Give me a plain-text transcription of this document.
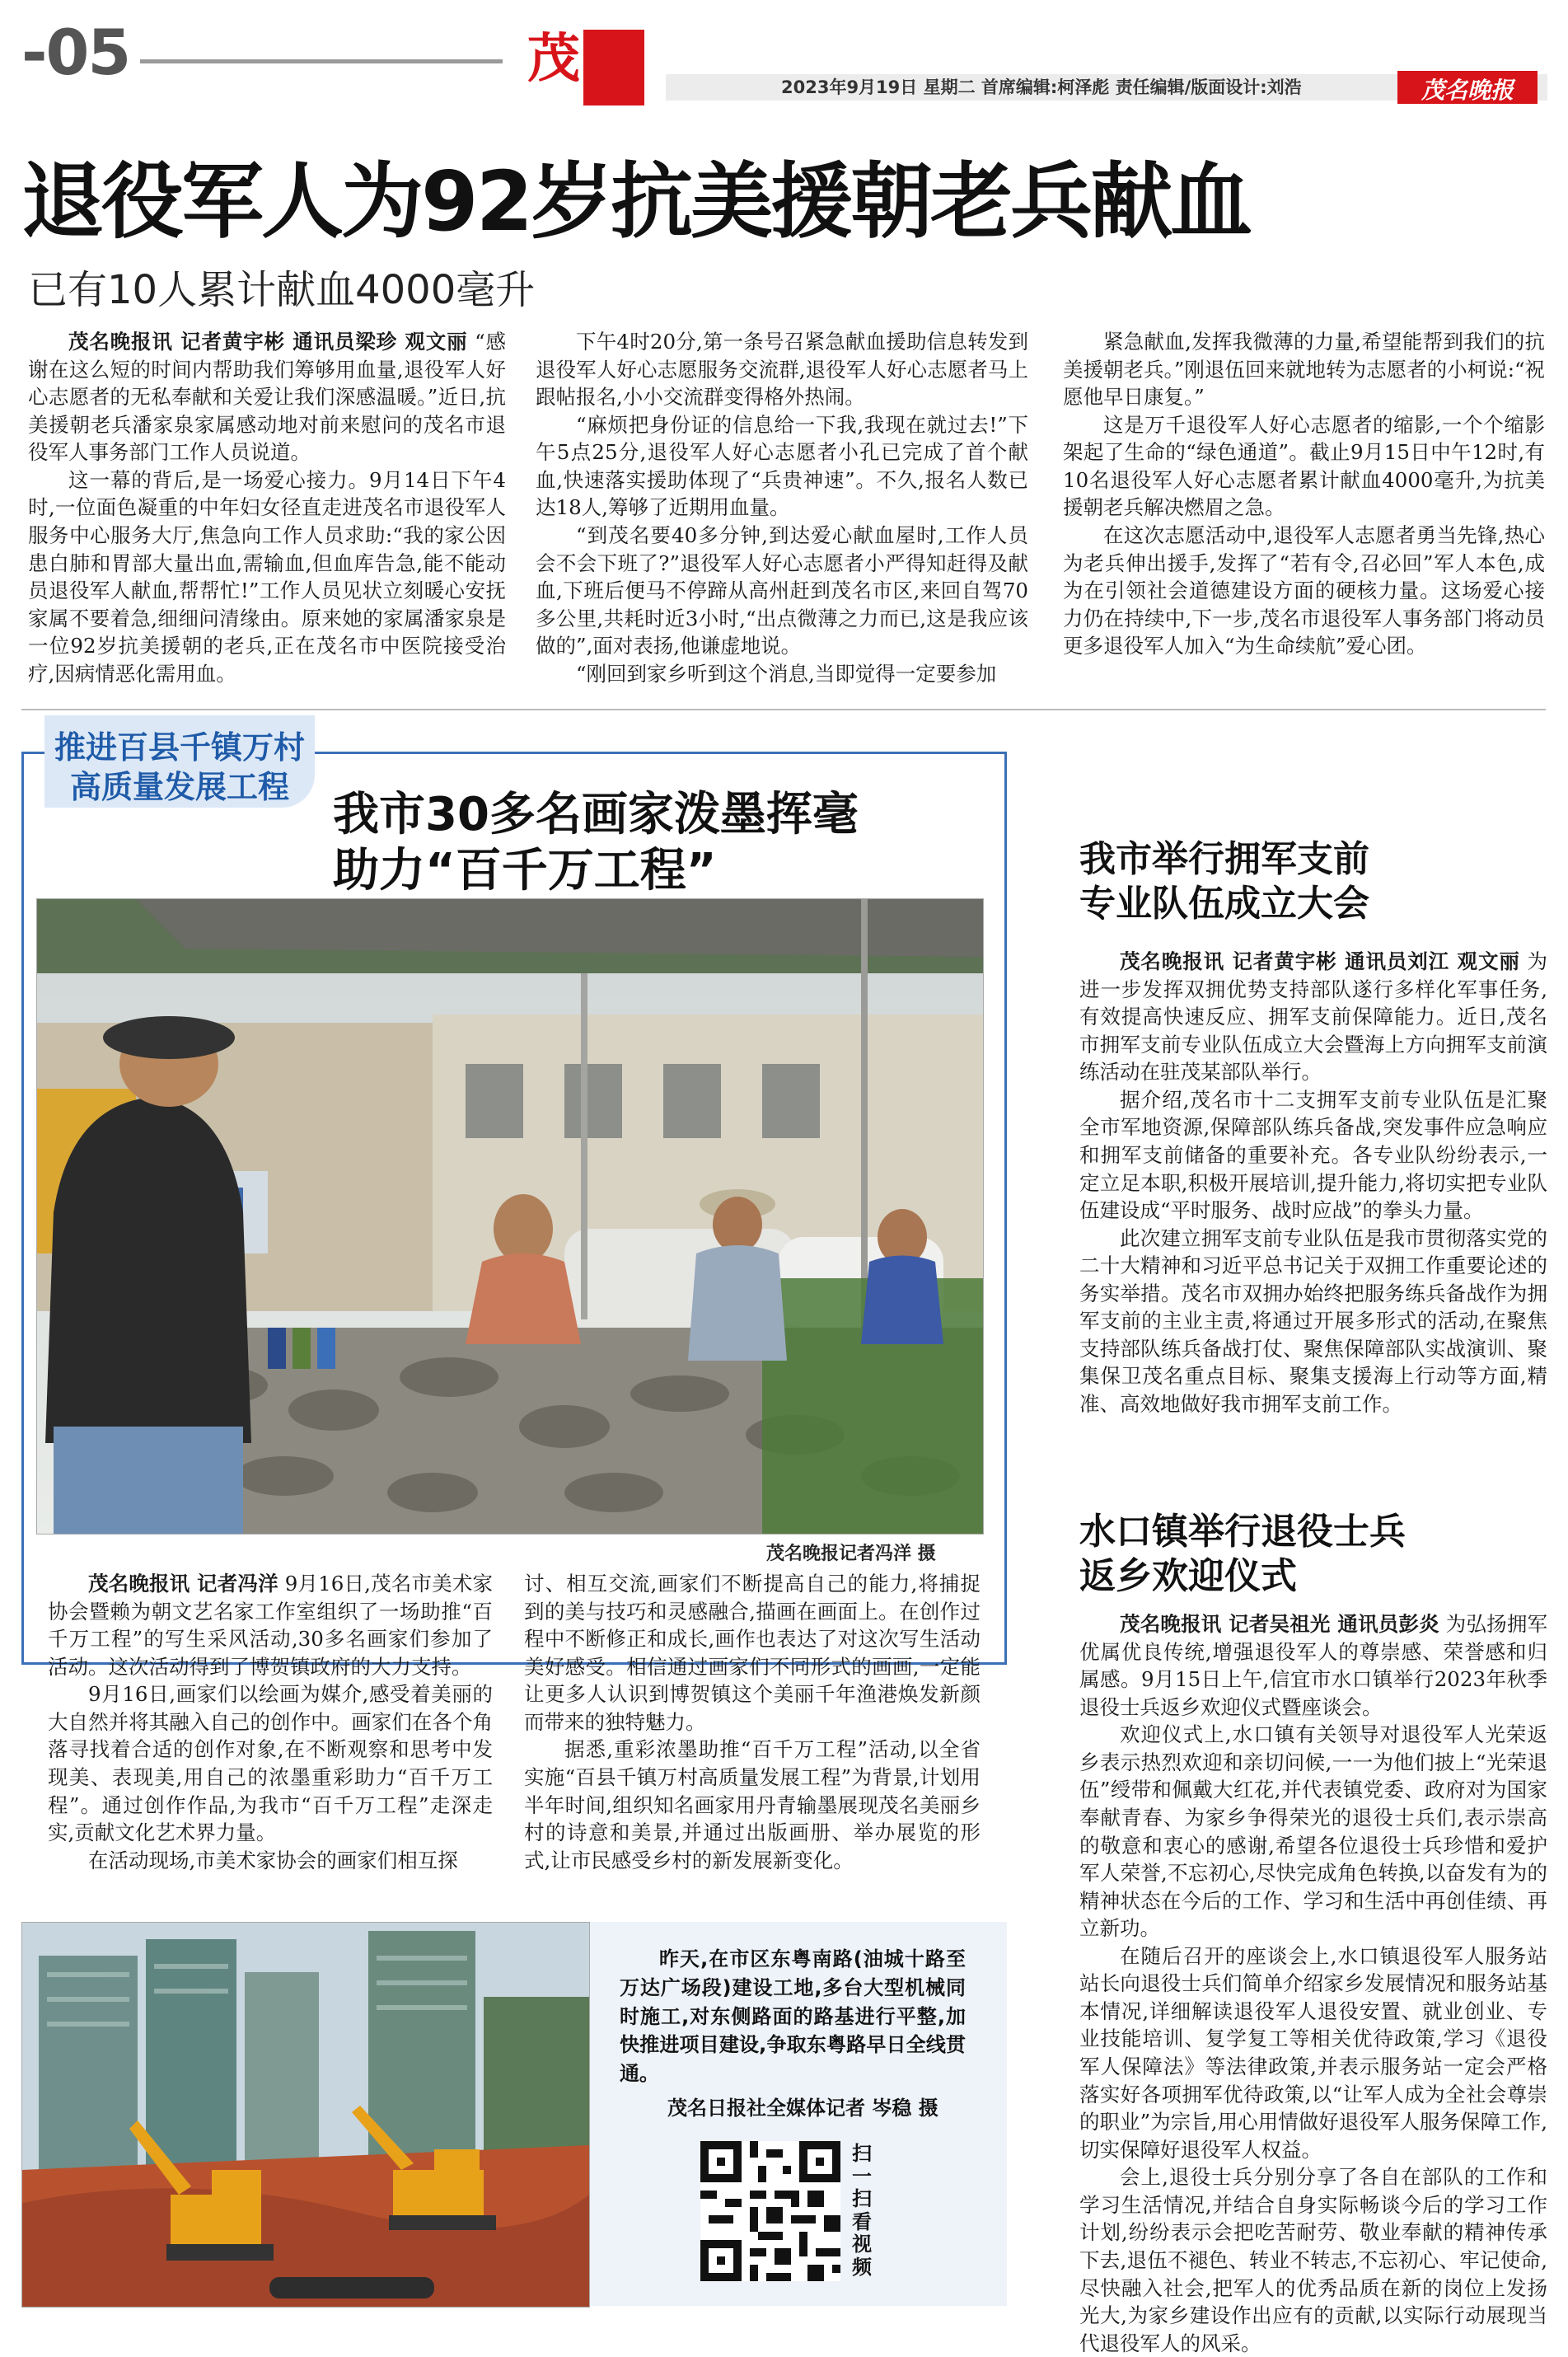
-05	茂闻	2023年9月19日 星期二 首席编辑:柯泽彪 责任编辑/版面设计:刘浩	茂名晚报
退役军人为92岁抗美援朝老兵献血
已有10人累计献血4000毫升

茂名晚报讯 记者黄宇彬 通讯员梁珍 观文丽 “感谢在这么短的时间内帮助我们筹够用血量,退役军人好心志愿者的无私奉献和关爱让我们深感温暖。”近日,抗美援朝老兵潘家泉家属感动地对前来慰问的茂名市退役军人事务部门工作人员说道。

这一幕的背后,是一场爱心接力。9月14日下午4时,一位面色凝重的中年妇女径直走进茂名市退役军人服务中心服务大厅,焦急向工作人员求助:“我的家公因患白肺和胃部大量出血,需输血,但血库告急,能不能动员退役军人献血,帮帮忙!”工作人员见状立刻暖心安抚家属不要着急,细细问清缘由。原来她的家属潘家泉是一位92岁抗美援朝的老兵,正在茂名市中医院接受治疗,因病情恶化需用血。

下午4时20分,第一条号召紧急献血援助信息转发到退役军人好心志愿服务交流群,退役军人好心志愿者马上跟帖报名,小小交流群变得格外热闹。

“麻烦把身份证的信息给一下我,我现在就过去!”下午5点25分,退役军人好心志愿者小孔已完成了首个献血,快速落实援助体现了“兵贵神速”。不久,报名人数已达18人,筹够了近期用血量。

“到茂名要40多分钟,到达爱心献血屋时,工作人员会不会下班了?”退役军人好心志愿者小严得知赶得及献血,下班后便马不停蹄从高州赶到茂名市区,来回自驾70多公里,共耗时近3小时,“出点微薄之力而已,这是我应该做的”,面对表扬,他谦虚地说。

“刚回到家乡听到这个消息,当即觉得一定要参加

紧急献血,发挥我微薄的力量,希望能帮到我们的抗美援朝老兵。”刚退伍回来就地转为志愿者的小柯说:“祝愿他早日康复。”

这是万千退役军人好心志愿者的缩影,一个个缩影架起了生命的“绿色通道”。截止9月15日中午12时,有10名退役军人好心志愿者累计献血4000毫升,为抗美援朝老兵解决燃眉之急。

在这次志愿活动中,退役军人志愿者勇当先锋,热心为老兵伸出援手,发挥了“若有令,召必回”军人本色,成为在引领社会道德建设方面的硬核力量。这场爱心接力仍在持续中,下一步,茂名市退役军人事务部门将动员更多退役军人加入“为生命续航”爱心团。

推进百县千镇万村
高质量发展工程
我市30多名画家泼墨挥毫
助力“百千万工程”
茂名晚报记者冯洋 摄

茂名晚报讯 记者冯洋 9月16日,茂名市美术家协会暨赖为朝文艺名家工作室组织了一场助推“百千万工程”的写生采风活动,30多名画家们参加了活动。这次活动得到了博贺镇政府的大力支持。

9月16日,画家们以绘画为媒介,感受着美丽的大自然并将其融入自己的创作中。画家们在各个角落寻找着合适的创作对象,在不断观察和思考中发现美、表现美,用自己的浓墨重彩助力“百千万工程”。通过创作作品,为我市“百千万工程”走深走实,贡献文化艺术界力量。

在活动现场,市美术家协会的画家们相互探

讨、相互交流,画家们不断提高自己的能力,将捕捉到的美与技巧和灵感融合,描画在画面上。在创作过程中不断修正和成长,画作也表达了对这次写生活动美好感受。相信通过画家们不同形式的画画,一定能让更多人认识到博贺镇这个美丽千年渔港焕发新颜而带来的独特魅力。

据悉,重彩浓墨助推“百千万工程”活动,以全省实施“百县千镇万村高质量发展工程”为背景,计划用半年时间,组织知名画家用丹青输墨展现茂名美丽乡村的诗意和美景,并通过出版画册、举办展览的形式,让市民感受乡村的新发展新变化。

我市举行拥军支前
专业队伍成立大会

茂名晚报讯 记者黄宇彬 通讯员刘江 观文丽 为进一步发挥双拥优势支持部队遂行多样化军事任务,有效提高快速反应、拥军支前保障能力。近日,茂名市拥军支前专业队伍成立大会暨海上方向拥军支前演练活动在驻茂某部队举行。

据介绍,茂名市十二支拥军支前专业队伍是汇聚全市军地资源,保障部队练兵备战,突发事件应急响应和拥军支前储备的重要补充。各专业队纷纷表示,一定立足本职,积极开展培训,提升能力,将切实把专业队伍建设成“平时服务、战时应战”的拳头力量。

此次建立拥军支前专业队伍是我市贯彻落实党的二十大精神和习近平总书记关于双拥工作重要论述的务实举措。茂名市双拥办始终把服务练兵备战作为拥军支前的主业主责,将通过开展多形式的活动,在聚焦支持部队练兵备战打仗、聚焦保障部队实战演训、聚集保卫茂名重点目标、聚集支援海上行动等方面,精准、高效地做好我市拥军支前工作。

水口镇举行退役士兵
返乡欢迎仪式

茂名晚报讯 记者吴祖光 通讯员彭炎 为弘扬拥军优属优良传统,增强退役军人的尊崇感、荣誉感和归属感。9月15日上午,信宜市水口镇举行2023年秋季退役士兵返乡欢迎仪式暨座谈会。

欢迎仪式上,水口镇有关领导对退役军人光荣返乡表示热烈欢迎和亲切问候,一一为他们披上“光荣退伍”绶带和佩戴大红花,并代表镇党委、政府对为国家奉献青春、为家乡争得荣光的退役士兵们,表示崇高的敬意和衷心的感谢,希望各位退役士兵珍惜和爱护军人荣誉,不忘初心,尽快完成角色转换,以奋发有为的精神状态在今后的工作、学习和生活中再创佳绩、再立新功。

在随后召开的座谈会上,水口镇退役军人服务站站长向退役士兵们简单介绍家乡发展情况和服务站基本情况,详细解读退役军人退役安置、就业创业、专业技能培训、复学复工等相关优待政策,学习《退役军人保障法》等法律政策,并表示服务站一定会严格落实好各项拥军优待政策,以“让军人成为全社会尊崇的职业”为宗旨,用心用情做好退役军人服务保障工作,切实保障好退役军人权益。

会上,退役士兵分别分享了各自在部队的工作和学习生活情况,并结合自身实际畅谈今后的学习工作计划,纷纷表示会把吃苦耐劳、敬业奉献的精神传承下去,退伍不褪色、转业不转志,不忘初心、牢记使命,尽快融入社会,把军人的优秀品质在新的岗位上发扬光大,为家乡建设作出应有的贡献,以实际行动展现当代退役军人的风采。

昨天,在市区东粤南路(油城十路至万达广场段)建设工地,多台大型机械同时施工,对东侧路面的路基进行平整,加快推进项目建设,争取东粤路早日全线贯通。
茂名日报社全媒体记者 岑稳 摄
扫一扫 看视频
